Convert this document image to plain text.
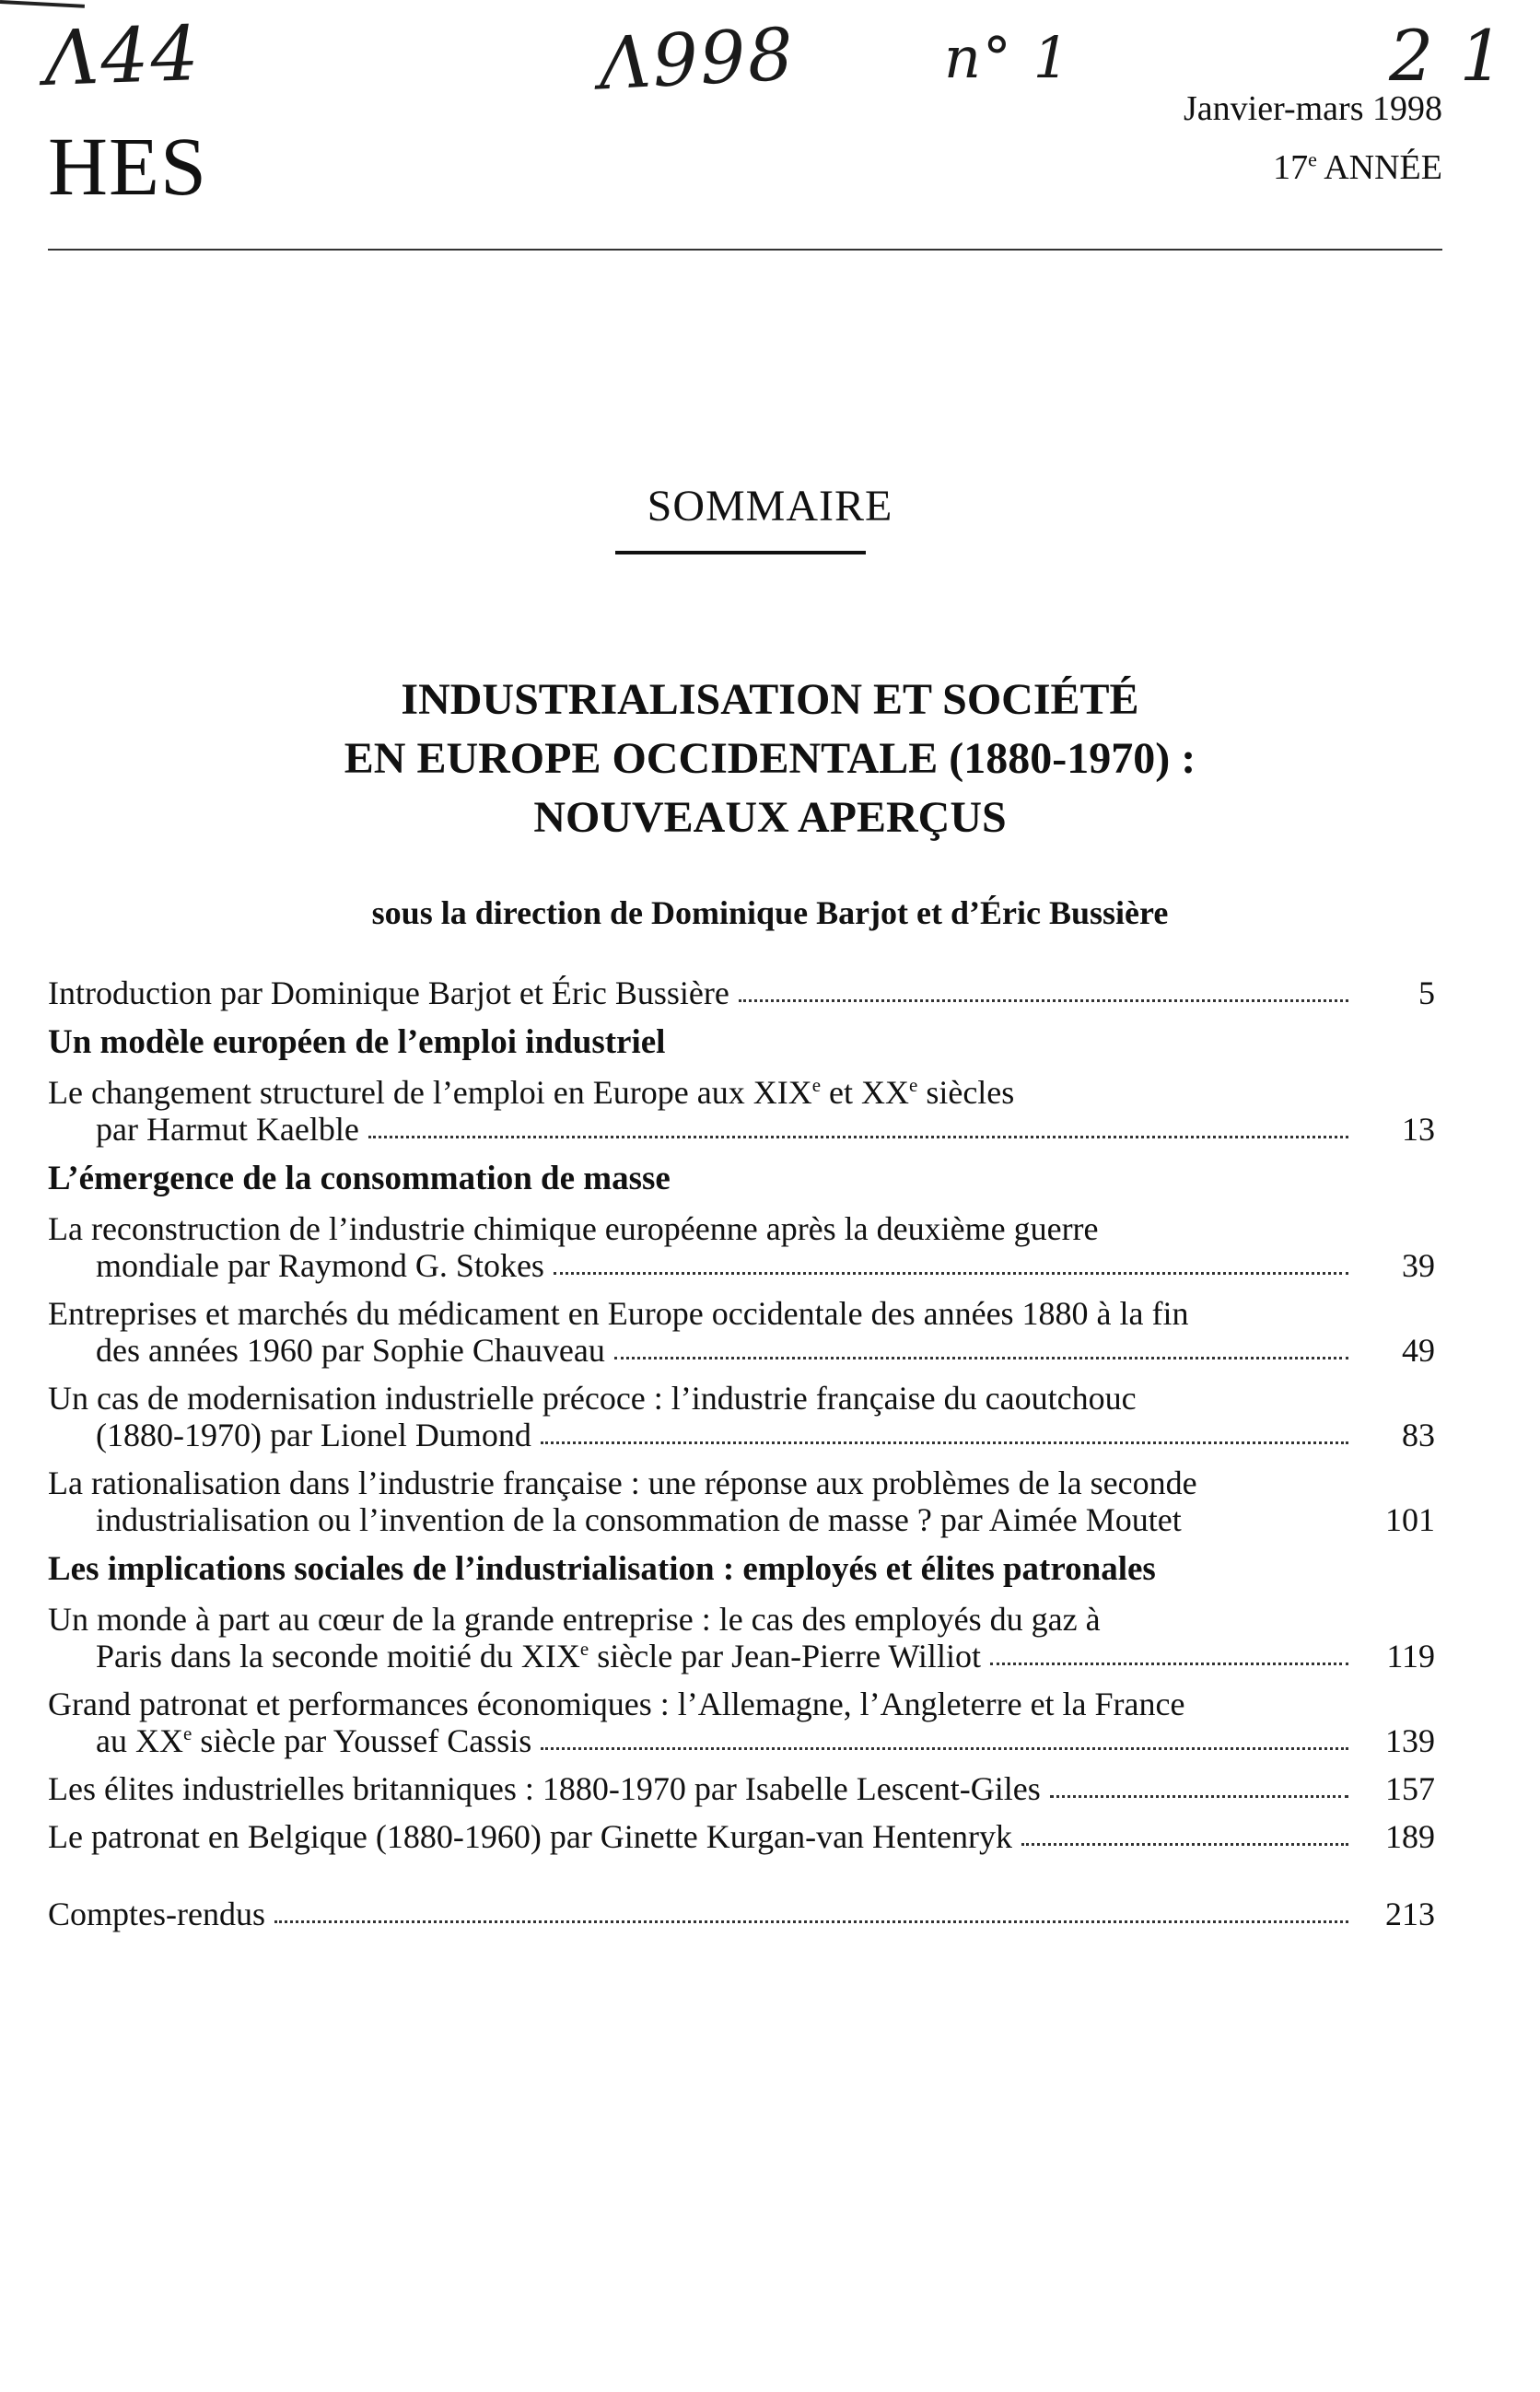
Λ44	Λ998	n° 1	2 1
HES
Janvier-mars 1998
17e ANNÉE
SOMMAIRE
INDUSTRIALISATION ET SOCIÉTÉ
EN EUROPE OCCIDENTALE (1880-1970) :
NOUVEAUX APERÇUS
sous la direction de Dominique Barjot et d’Éric Bussière
Introduction par Dominique Barjot et Éric Bussière	5
Un modèle européen de l’emploi industriel
Le changement structurel de l’emploi en Europe aux XIXe et XXe siècles
par Harmut Kaelble	13
L’émergence de la consommation de masse
La reconstruction de l’industrie chimique européenne après la deuxième guerre
mondiale par Raymond G. Stokes	39
Entreprises et marchés du médicament en Europe occidentale des années 1880 à la fin
des années 1960 par Sophie Chauveau	49
Un cas de modernisation industrielle précoce : l’industrie française du caoutchouc
(1880-1970) par Lionel Dumond	83
La rationalisation dans l’industrie française : une réponse aux problèmes de la seconde
industrialisation ou l’invention de la consommation de masse ? par Aimée Moutet	101
Les implications sociales de l’industrialisation : employés et élites patronales
Un monde à part au cœur de la grande entreprise : le cas des employés du gaz à
Paris dans la seconde moitié du XIXe siècle par Jean-Pierre Williot	119
Grand patronat et performances économiques : l’Allemagne, l’Angleterre et la France
au XXe siècle par Youssef Cassis	139
Les élites industrielles britanniques : 1880-1970 par Isabelle Lescent-Giles	157
Le patronat en Belgique (1880-1960) par Ginette Kurgan-van Hentenryk	189
Comptes-rendus	213
